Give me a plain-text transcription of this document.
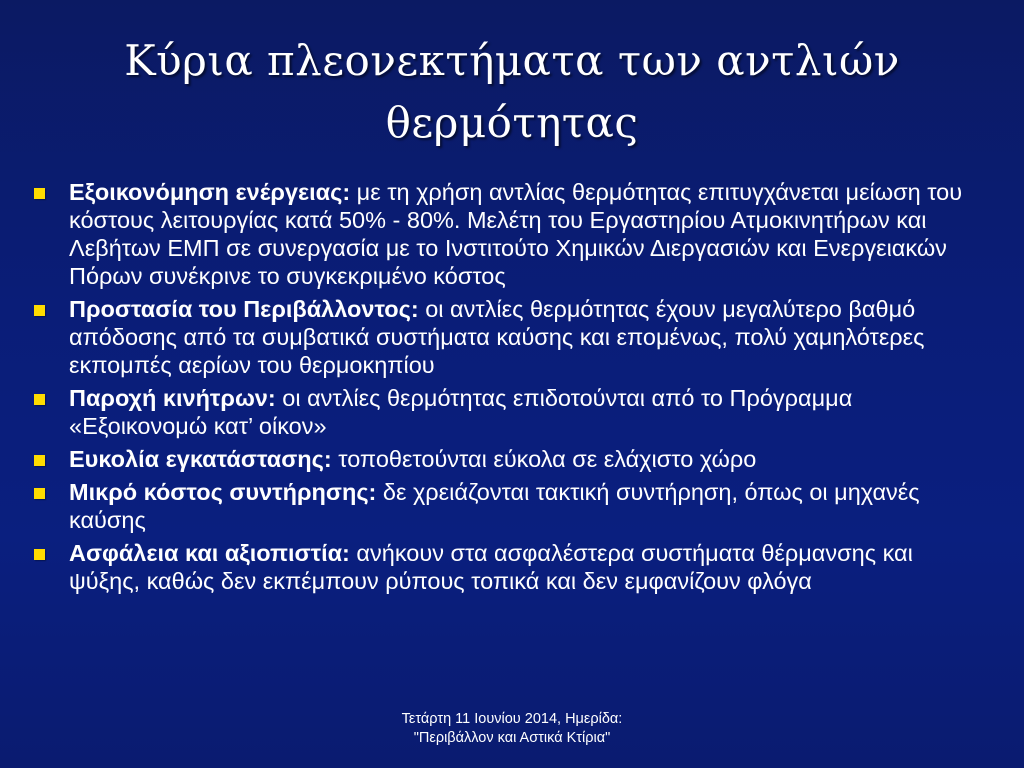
Κύρια πλεονεκτήματα των αντλιών
θερμότητας
Εξοικονόμηση ενέργειας: με τη χρήση αντλίας θερμότητας επιτυγχάνεται μείωση του κόστους λειτουργίας κατά 50% - 80%. Μελέτη του Εργαστηρίου Ατμοκινητήρων και Λεβήτων ΕΜΠ σε συνεργασία με το Ινστιτούτο Χημικών Διεργασιών και Ενεργειακών Πόρων συνέκρινε το συγκεκριμένο κόστος
Προστασία του Περιβάλλοντος: οι αντλίες θερμότητας έχουν μεγαλύτερο βαθμό απόδοσης από τα συμβατικά συστήματα καύσης και επομένως, πολύ χαμηλότερες εκπομπές αερίων του θερμοκηπίου
Παροχή κινήτρων: οι αντλίες θερμότητας επιδοτούνται από το Πρόγραμμα «Εξοικονομώ κατ’ οίκον»
Ευκολία εγκατάστασης: τοποθετούνται εύκολα σε ελάχιστο χώρο
Μικρό κόστος συντήρησης: δε χρειάζονται τακτική συντήρηση, όπως οι μηχανές καύσης
Ασφάλεια και αξιοπιστία: ανήκουν στα ασφαλέστερα συστήματα θέρμανσης και ψύξης, καθώς δεν εκπέμπουν ρύπους τοπικά και δεν εμφανίζουν φλόγα
Τετάρτη 11 Ιουνίου 2014, Ημερίδα:
"Περιβάλλον και Αστικά Κτίρια"
